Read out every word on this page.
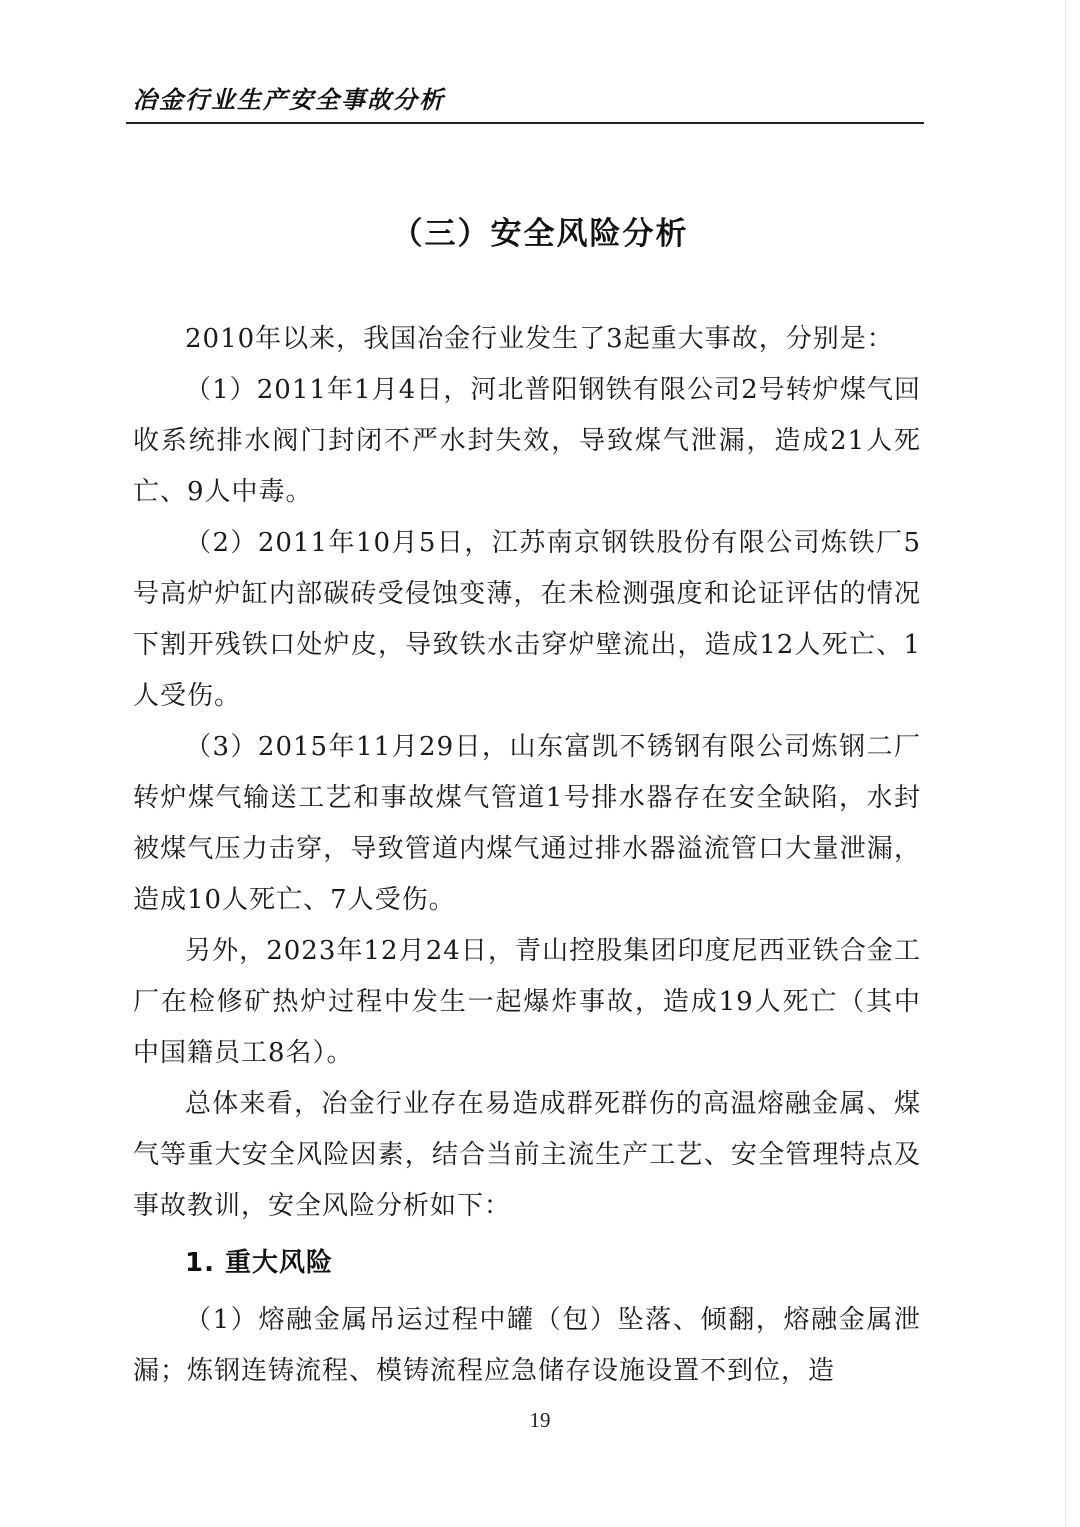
冶金行业生产安全事故分析
（三）安全风险分析

2010年以来，我国冶金行业发生了3起重大事故，分别是：

（1）2011年1月4日，河北普阳钢铁有限公司2号转炉煤气回收系统排水阀门封闭不严水封失效，导致煤气泄漏，造成21人死亡、9人中毒。

（2）2011年10月5日，江苏南京钢铁股份有限公司炼铁厂5号高炉炉缸内部碳砖受侵蚀变薄，在未检测强度和论证评估的情况下割开残铁口处炉皮，导致铁水击穿炉壁流出，造成12人死亡、1人受伤。

（3）2015年11月29日，山东富凯不锈钢有限公司炼钢二厂转炉煤气输送工艺和事故煤气管道1号排水器存在安全缺陷，水封被煤气压力击穿，导致管道内煤气通过排水器溢流管口大量泄漏，造成10人死亡、7人受伤。

另外，2023年12月24日，青山控股集团印度尼西亚铁合金工厂在检修矿热炉过程中发生一起爆炸事故，造成19人死亡（其中中国籍员工8名）。

总体来看，冶金行业存在易造成群死群伤的高温熔融金属、煤气等重大安全风险因素，结合当前主流生产工艺、安全管理特点及事故教训，安全风险分析如下：

1. 重大风险

（1）熔融金属吊运过程中罐（包）坠落、倾翻，熔融金属泄漏；炼钢连铸流程、模铸流程应急储存设施设置不到位，造

19
